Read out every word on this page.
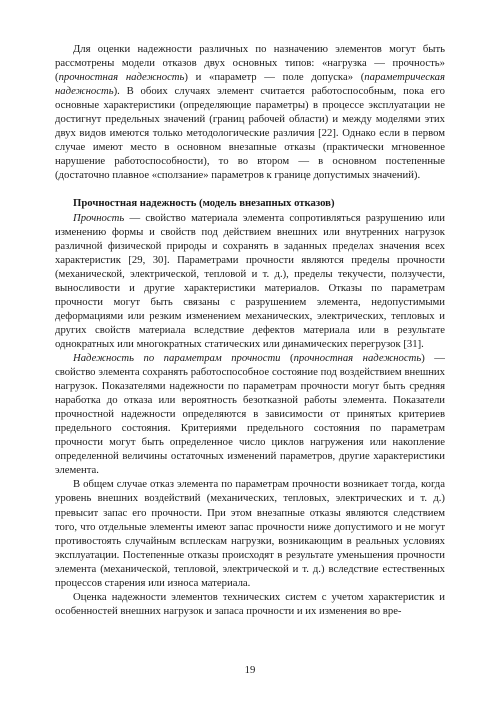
Для оценки надежности различных по назначению элементов могут быть рассмотрены модели отказов двух основных типов: «нагрузка — прочность» (прочностная надежность) и «параметр — поле допуска» (параметрическая надежность). В обоих случаях элемент считается работоспособным, пока его основные характеристики (определяющие параметры) в процессе эксплуатации не достигнут предельных значений (границ рабочей области) и между моделями этих двух видов имеются только методологические различия [22]. Однако если в первом случае имеют место в основном внезапные отказы (практически мгновенное нарушение работоспособности), то во втором — в основном постепенные (достаточно плавное «сползание» параметров к границе допустимых значений).

Прочностная надежность (модель внезапных отказов)

Прочность — свойство материала элемента сопротивляться разрушению или изменению формы и свойств под действием внешних или внутренних нагрузок различной физической природы и сохранять в заданных пределах значения всех характеристик [29, 30]. Параметрами прочности являются пределы прочности (механической, электрической, тепловой и т. д.), пределы текучести, ползучести, выносливости и другие характеристики материалов. Отказы по параметрам прочности могут быть связаны с разрушением элемента, недопустимыми деформациями или резким изменением механических, электрических, тепловых и других свойств материала вследствие дефектов материала или в результате однократных или многократных статических или динамических перегрузок [31].

Надежность по параметрам прочности (прочностная надежность) — свойство элемента сохранять работоспособное состояние под воздействием внешних нагрузок. Показателями надежности по параметрам прочности могут быть средняя наработка до отказа или вероятность безотказной работы элемента. Показатели прочностной надежности определяются в зависимости от принятых критериев предельного состояния. Критериями предельного состояния по параметрам прочности могут быть определенное число циклов нагружения или накопление определенной величины остаточных изменений параметров, другие характеристики элемента.

В общем случае отказ элемента по параметрам прочности возникает тогда, когда уровень внешних воздействий (механических, тепловых, электрических и т. д.) превысит запас его прочности. При этом внезапные отказы являются следствием того, что отдельные элементы имеют запас прочности ниже допустимого и не могут противостоять случайным всплескам нагрузки, возникающим в реальных условиях эксплуатации. Постепенные отказы происходят в результате уменьшения прочности элемента (механической, тепловой, электрической и т. д.) вследствие естественных процессов старения или износа материала.

Оценка надежности элементов технических систем с учетом характеристик и особенностей внешних нагрузок и запаса прочности и их изменения во вре-

19
